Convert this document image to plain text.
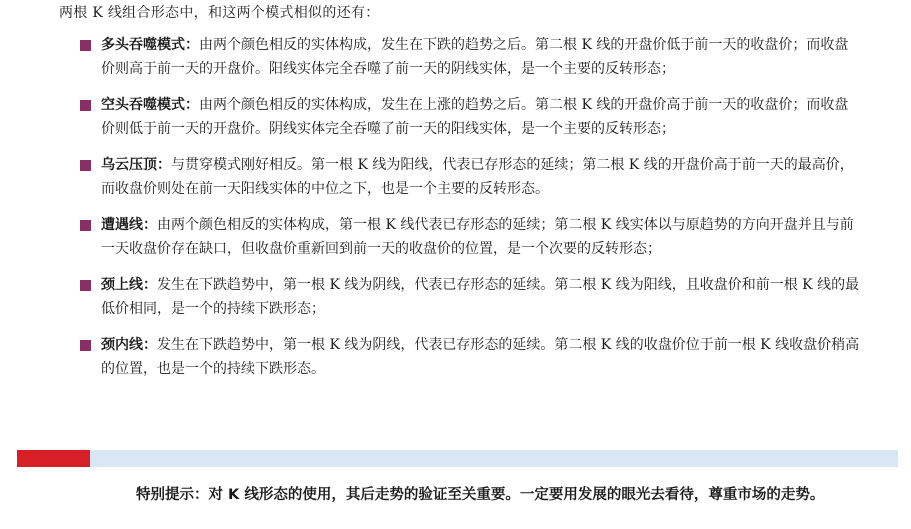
两根 K 线组合形态中，和这两个模式相似的还有：
多头吞噬模式：由两个颜色相反的实体构成，发生在下跌的趋势之后。第二根 K 线的开盘价低于前一天的收盘价；而收盘价则高于前一天的开盘价。阳线实体完全吞噬了前一天的阴线实体，是一个主要的反转形态；
空头吞噬模式：由两个颜色相反的实体构成，发生在上涨的趋势之后。第二根 K 线的开盘价高于前一天的收盘价；而收盘价则低于前一天的开盘价。阴线实体完全吞噬了前一天的阳线实体，是一个主要的反转形态；
乌云压顶：与贯穿模式刚好相反。第一根 K 线为阳线，代表已存形态的延续；第二根 K 线的开盘价高于前一天的最高价，而收盘价则处在前一天阳线实体的中位之下，也是一个主要的反转形态。
遭遇线：由两个颜色相反的实体构成，第一根 K 线代表已存形态的延续；第二根 K 线实体以与原趋势的方向开盘并且与前一天收盘价存在缺口，但收盘价重新回到前一天的收盘价的位置，是一个次要的反转形态；
颈上线：发生在下跌趋势中，第一根 K 线为阴线，代表已存形态的延续。第二根 K 线为阳线，且收盘价和前一根 K 线的最低价相同，是一个的持续下跌形态；
颈内线：发生在下跌趋势中，第一根 K 线为阴线，代表已存形态的延续。第二根 K 线的收盘价位于前一根 K 线收盘价稍高的位置，也是一个的持续下跌形态。
特别提示：对 K 线形态的使用，其后走势的验证至关重要。一定要用发展的眼光去看待，尊重市场的走势。
